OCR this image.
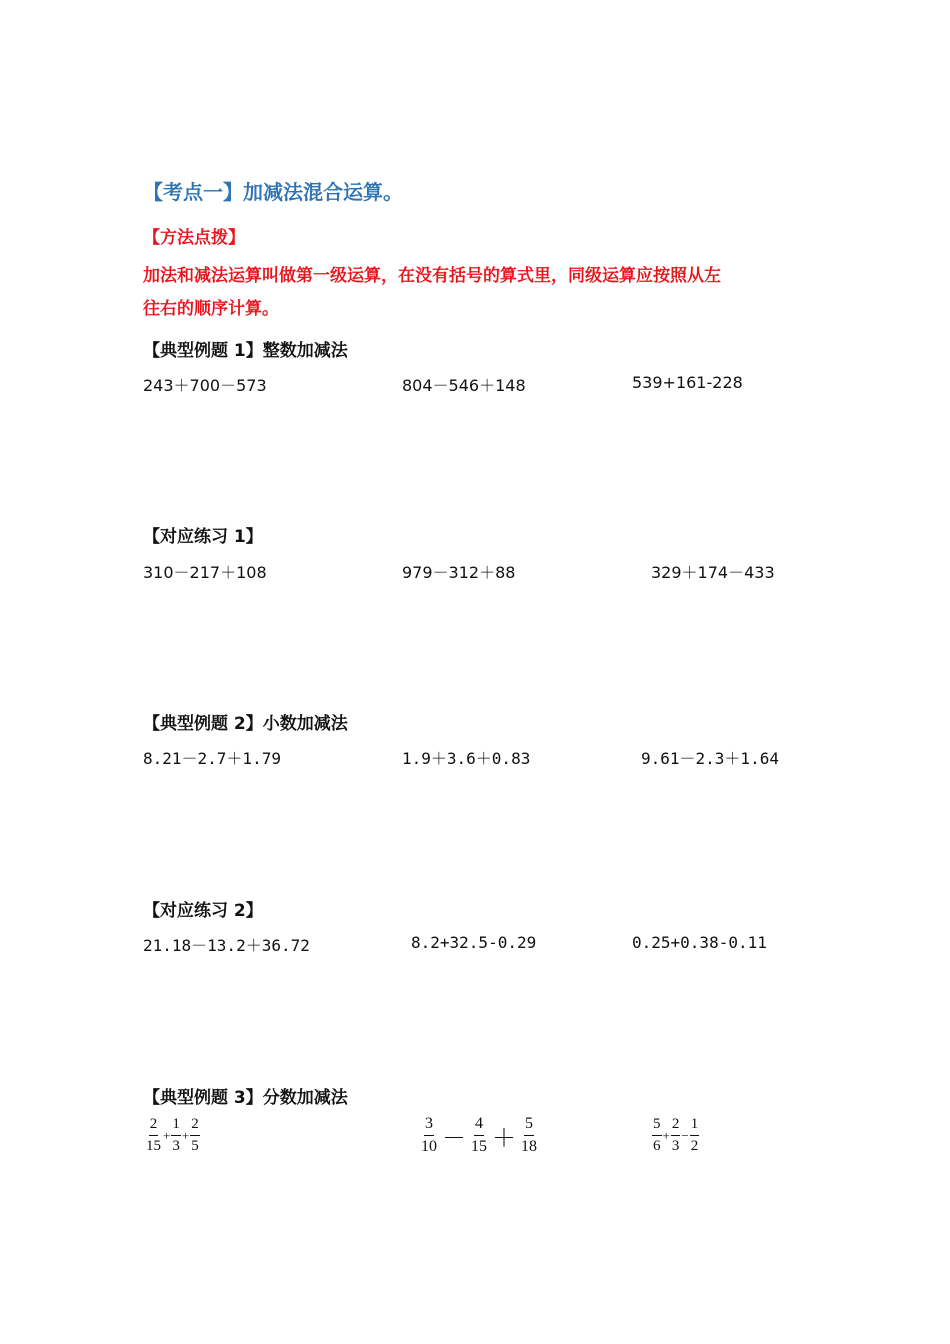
【考点一】加减法混合运算。
【方法点拨】
加法和减法运算叫做第一级运算，在没有括号的算式里，同级运算应按照从左
往右的顺序计算。
【典型例题 1】整数加减法
243＋700－573	804－546＋148	539+161-228
【对应练习 1】
310－217＋108	979－312＋88	329＋174－433
【典型例题 2】小数加减法
8.21－2.7＋1.79	1.9＋3.6＋0.83	9.61－2.3＋1.64
【对应练习 2】
21.18－13.2＋36.72	8.2+32.5-0.29	0.25+0.38-0.11
【典型例题 3】分数加减法
$\frac{2}{15} + \frac{1}{3} + \frac{2}{5}$	$\frac{3}{10} - \frac{4}{15} + \frac{5}{18}$	$\frac{5}{6} + \frac{2}{3} - \frac{1}{2}$
